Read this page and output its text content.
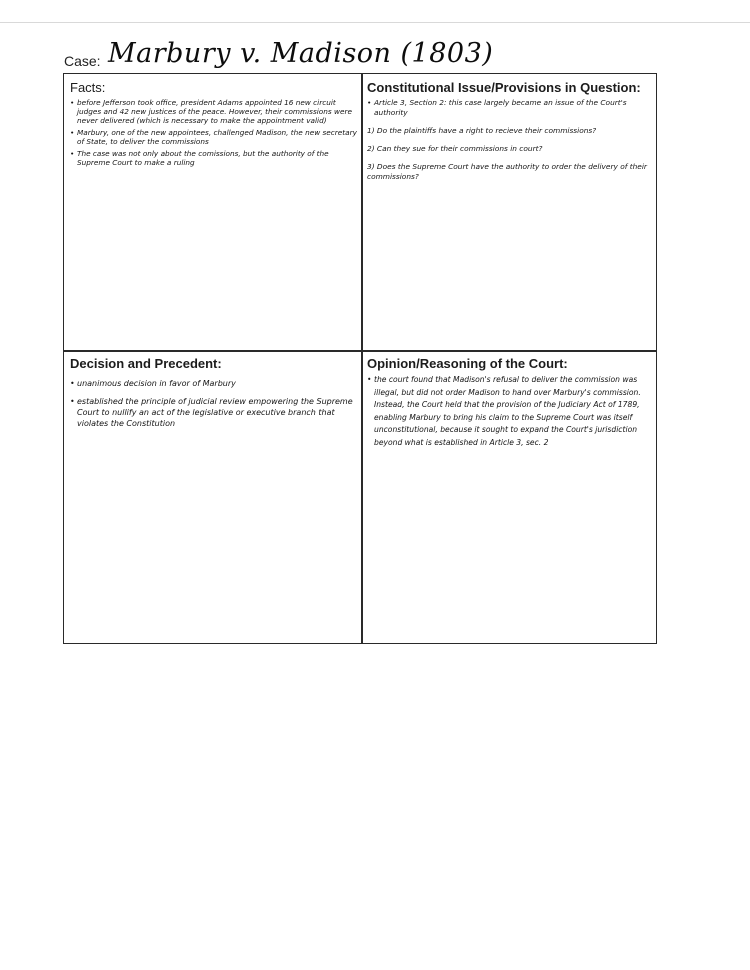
Case: Marbury v. Madison (1803)
Facts:
• before Jefferson took office, president Adams appointed 16 new circuit judges and 42 new justices of the peace. However, their commissions were never delivered (which is necessary to make the appointment valid)
• Marbury, one of the new appointees, challenged Madison, the new secretary of State, to deliver the commissions
• The case was not only about the comissions, but the authority of the Supreme Court to make a ruling
Constitutional Issue/Provisions in Question:
• Article 3, Section 2: this case largely became an issue of the Court's authority
1) Do the plaintiffs have a right to recieve their commissions?
2) Can they sue for their commissions in court?
3) Does the Supreme Court have the authority to order the delivery of their commissions?
Decision and Precedent:
• unanimous decision in favor of Marbury
• established the principle of judicial review empowering the Supreme Court to nullify an act of the legislative or executive branch that violates the Constitution
Opinion/Reasoning of the Court:
• the court found that Madison's refusal to deliver the commission was illegal, but did not order Madison to hand over Marbury's commission. Instead, the Court held that the provision of the Judiciary Act of 1789, enabling Marbury to bring his claim to the Supreme Court was itself unconstitutional, because it sought to expand the Court's jurisdiction beyond what is established in Article 3, sec. 2
